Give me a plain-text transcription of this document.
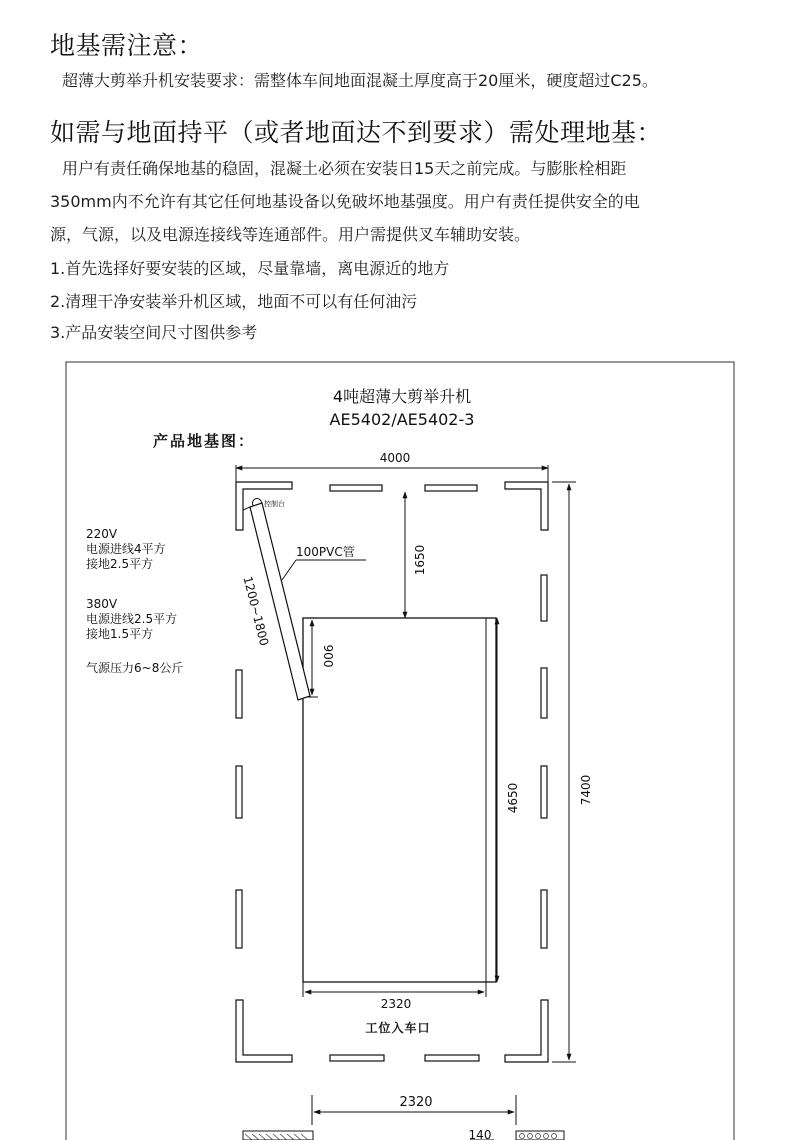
地基需注意：
超薄大剪举升机安装要求：需整体车间地面混凝土厚度高于20厘米，硬度超过C25。
如需与地面持平（或者地面达不到要求）需处理地基：
用户有责任确保地基的稳固，混凝土必须在安装日15天之前完成。与膨胀栓相距
350mm内不允许有其它任何地基设备以免破坏地基强度。用户有责任提供安全的电
源，气源，以及电源连接线等连通部件。用户需提供叉车辅助安装。
1.首先选择好要安装的区域，尽量靠墙，离电源近的地方
2.清理干净安装举升机区域，地面不可以有任何油污
3.产品安装空间尺寸图供参考
4吨超薄大剪举升机
AE5402/AE5402-3
产品地基图：
4000
1650
900
4650	7400
2320
工位入车口
控制台
1200~1800
100PVC管
220V
电源进线4平方
接地2.5平方
380V
电源进线2.5平方
接地1.5平方
气源压力6~8公斤
2320
140
